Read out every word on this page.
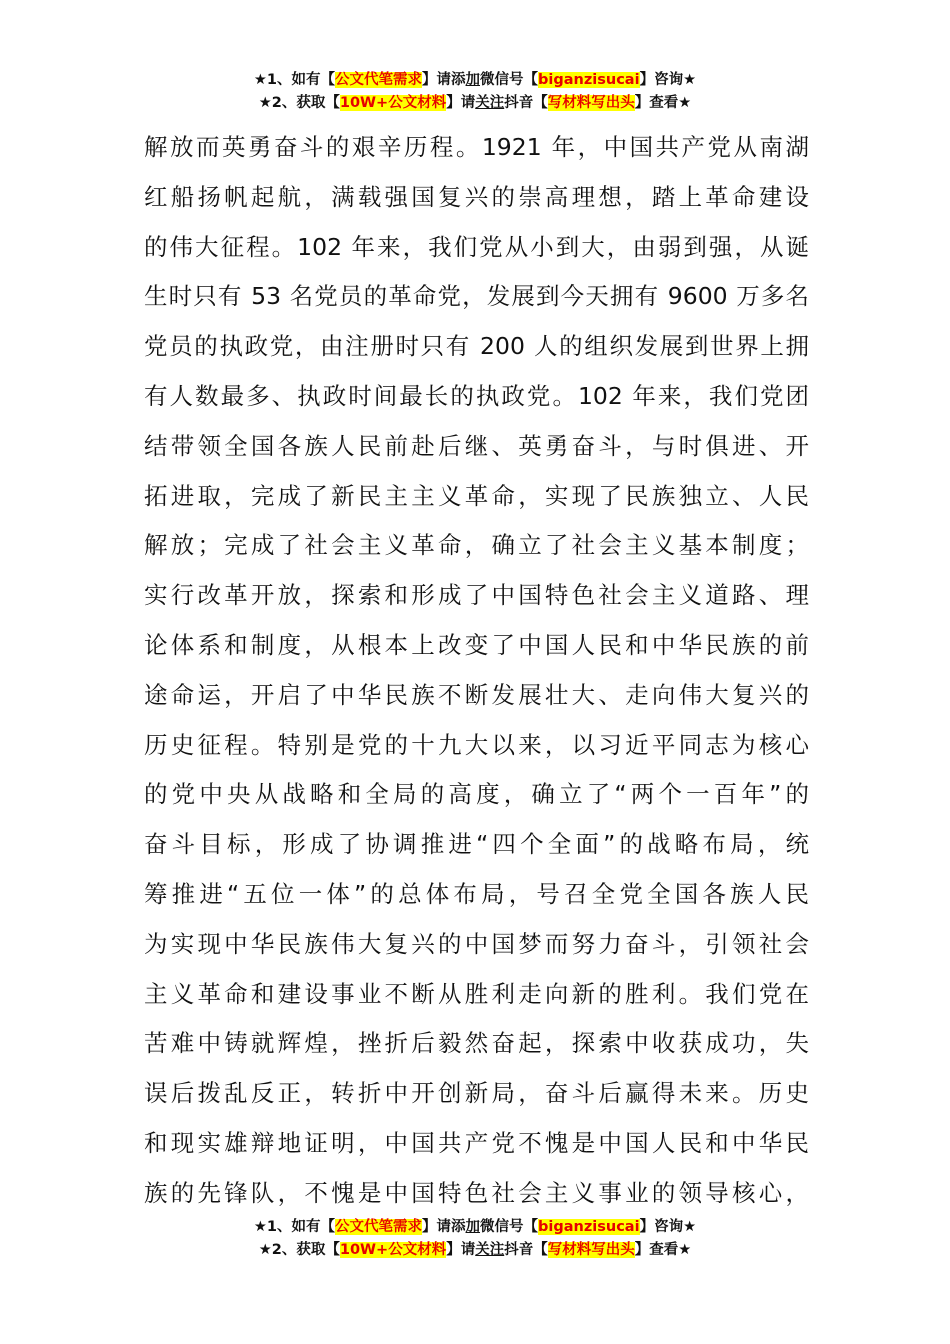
★1、如有【公文代笔需求】请添加微信号【biganzisucai】咨询★
★2、获取【10W+公文材料】请关注抖音【写材料写出头】查看★
解放而英勇奋斗的艰辛历程。1921 年，中国共产党从南湖
红船扬帆起航，满载强国复兴的崇高理想，踏上革命建设
的伟大征程。102 年来，我们党从小到大，由弱到强，从诞
生时只有 53 名党员的革命党，发展到今天拥有 9600 万多名
党员的执政党，由注册时只有 200 人的组织发展到世界上拥
有人数最多、执政时间最长的执政党。102 年来，我们党团
结带领全国各族人民前赴后继、英勇奋斗，与时俱进、开
拓进取，完成了新民主主义革命，实现了民族独立、人民
解放；完成了社会主义革命，确立了社会主义基本制度；
实行改革开放，探索和形成了中国特色社会主义道路、理
论体系和制度，从根本上改变了中国人民和中华民族的前
途命运，开启了中华民族不断发展壮大、走向伟大复兴的
历史征程。特别是党的十九大以来，以习近平同志为核心
的党中央从战略和全局的高度，确立了“两个一百年”的
奋斗目标，形成了协调推进“四个全面”的战略布局，统
筹推进“五位一体”的总体布局，号召全党全国各族人民
为实现中华民族伟大复兴的中国梦而努力奋斗，引领社会
主义革命和建设事业不断从胜利走向新的胜利。我们党在
苦难中铸就辉煌，挫折后毅然奋起，探索中收获成功，失
误后拨乱反正，转折中开创新局，奋斗后赢得未来。历史
和现实雄辩地证明，中国共产党不愧是中国人民和中华民
族的先锋队，不愧是中国特色社会主义事业的领导核心，
★1、如有【公文代笔需求】请添加微信号【biganzisucai】咨询★
★2、获取【10W+公文材料】请关注抖音【写材料写出头】查看★
